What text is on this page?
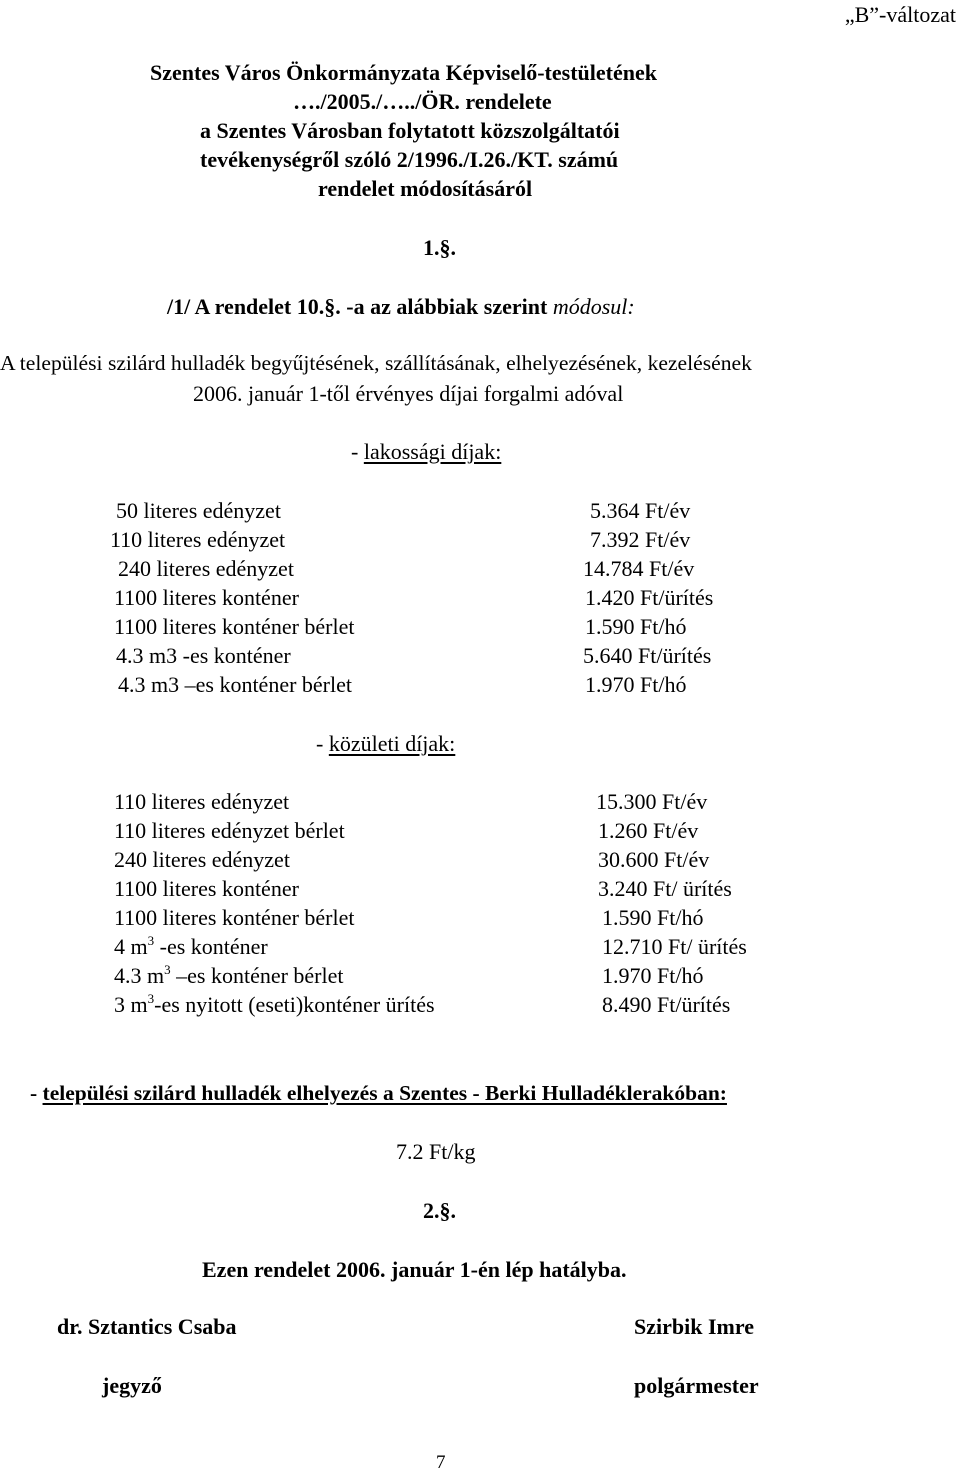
„B”-változat
Szentes Város Önkormányzata Képviselő-testületének
…./2005./…../ÖR. rendelete
a Szentes Városban folytatott közszolgáltatói
tevékenységről szóló 2/1996./I.26./KT. számú
rendelet módosításáról
1.§.
/1/ A rendelet 10.§. -a az alábbiak szerint módosul:
A települési szilárd hulladék begyűjtésének, szállításának, elhelyezésének, kezelésének
2006. január 1-től érvényes díjai forgalmi adóval
- lakossági díjak:
50 literes edényzet	5.364 Ft/év
110 literes edényzet	7.392 Ft/év
240 literes edényzet	14.784 Ft/év
1100 literes konténer	1.420 Ft/ürítés
1100 literes konténer bérlet	1.590 Ft/hó
4.3 m3 -es konténer	5.640 Ft/ürítés
4.3 m3 –es konténer bérlet	1.970 Ft/hó
- közületi díjak:
110 literes edényzet	15.300 Ft/év
110 literes edényzet bérlet	1.260 Ft/év
240 literes edényzet	30.600 Ft/év
1100 literes konténer	3.240 Ft/ ürítés
1100 literes konténer bérlet	1.590 Ft/hó
4 $m^3$ -es konténer	12.710 Ft/ ürítés
4.3 $m^3$ –es konténer bérlet	1.970 Ft/hó
3 $m^3-es$ nyitott (eseti)konténer ürítés	8.490 Ft/ürítés
- települési szilárd hulladék elhelyezés a Szentes - Berki Hulladéklerakóban:
7.2 Ft/kg
2.§.
Ezen rendelet 2006. január 1-én lép hatályba.
dr. Sztantics Csaba
jegyző
Szirbik Imre
polgármester
7
